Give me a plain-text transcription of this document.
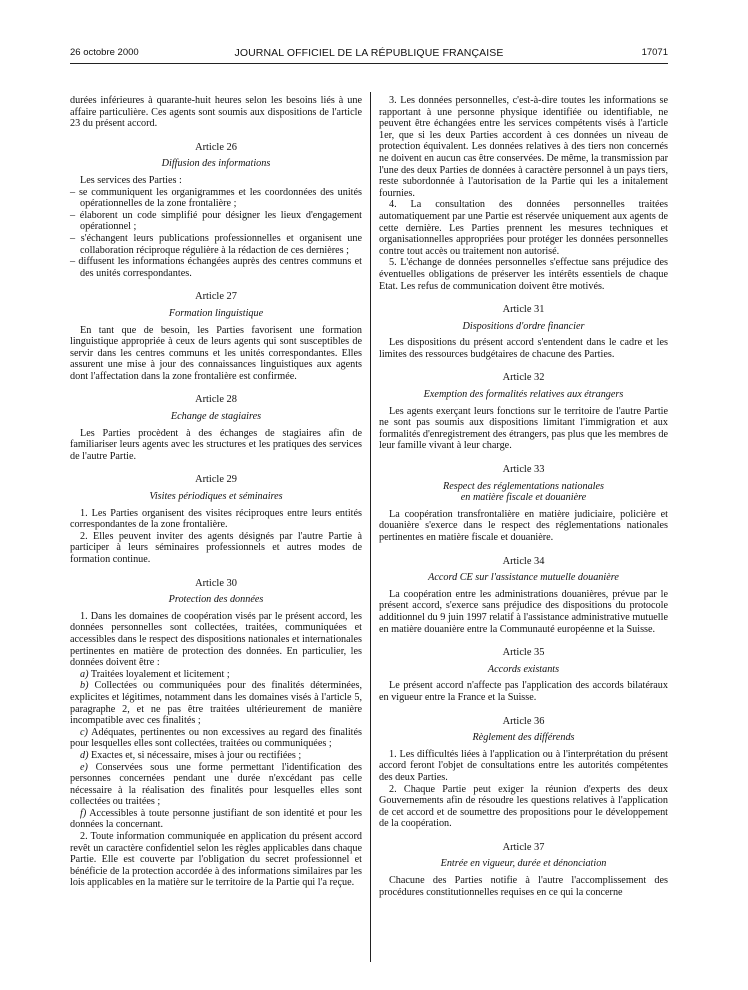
26 octobre 2000	JOURNAL OFFICIEL DE LA RÉPUBLIQUE FRANÇAISE	17071

durées inférieures à quarante-huit heures selon les besoins liés à une affaire particulière. Ces agents sont soumis aux dispositions de l'article 23 du présent accord.

Article 26
Diffusion des informations

Les services des Parties :

– se communiquent les organigrammes et les coordonnées des unités opérationnelles de la zone frontalière ;

– élaborent un code simplifié pour désigner les lieux d'engagement opérationnel ;

– s'échangent leurs publications professionnelles et organisent une collaboration réciproque régulière à la rédaction de ces dernières ;

– diffusent les informations échangées auprès des centres communs et des unités correspondantes.

Article 27
Formation linguistique

En tant que de besoin, les Parties favorisent une formation linguistique appropriée à ceux de leurs agents qui sont susceptibles de servir dans les centres communs et les unités correspondantes. Elles assurent une mise à jour des connaissances linguistiques aux agents dont l'affectation dans la zone frontalière est confirmée.

Article 28
Echange de stagiaires

Les Parties procèdent à des échanges de stagiaires afin de familiariser leurs agents avec les structures et les pratiques des services de l'autre Partie.

Article 29
Visites périodiques et séminaires

1. Les Parties organisent des visites réciproques entre leurs entités correspondantes de la zone frontalière.

2. Elles peuvent inviter des agents désignés par l'autre Partie à participer à leurs séminaires professionnels et autres modes de formation continue.

Article 30
Protection des données

1. Dans les domaines de coopération visés par le présent accord, les données personnelles sont collectées, traitées, communiquées et accessibles dans le respect des dispositions nationales et internationales pertinentes en matière de protection des données. En particulier, les données doivent être :

a) Traitées loyalement et licitement ;

b) Collectées ou communiquées pour des finalités déterminées, explicites et légitimes, notamment dans les domaines visés à l'article 5, paragraphe 2, et ne pas être traitées ultérieurement de manière incompatible avec ces finalités ;

c) Adéquates, pertinentes ou non excessives au regard des finalités pour lesquelles elles sont collectées, traitées ou communiquées ;

d) Exactes et, si nécessaire, mises à jour ou rectifiées ;

e) Conservées sous une forme permettant l'identification des personnes concernées pendant une durée n'excédant pas celle nécessaire à la réalisation des finalités pour lesquelles elles sont collectées ou traitées ;

f) Accessibles à toute personne justifiant de son identité et pour les données la concernant.

2. Toute information communiquée en application du présent accord revêt un caractère confidentiel selon les règles applicables dans chaque Partie. Elle est couverte par l'obligation du secret professionnel et bénéficie de la protection accordée à des informations similaires par les lois applicables en la matière sur le territoire de la Partie qui l'a reçue.

3. Les données personnelles, c'est-à-dire toutes les informations se rapportant à une personne physique identifiée ou identifiable, ne peuvent être échangées entre les services compétents visés à l'article 1er, que si les deux Parties accordent à ces données un niveau de protection équivalent. Les données relatives à des tiers non concernés ne doivent en aucun cas être conservées. De même, la transmission par l'une des deux Parties de données à caractère personnel à un pays tiers, reste subordonnée à l'autorisation de la Partie qui les a initalement fournies.

4. La consultation des données personnelles traitées automatiquement par une Partie est réservée uniquement aux agents de cette dernière. Les Parties prennent les mesures techniques et organisationnelles appropriées pour protéger les données personnelles contre tout accès ou traitement non autorisé.

5. L'échange de données personnelles s'effectue sans préjudice des éventuelles obligations de préserver les intérêts essentiels de chaque Etat. Les refus de communication doivent être motivés.

Article 31
Dispositions d'ordre financier

Les dispositions du présent accord s'entendent dans le cadre et les limites des ressources budgétaires de chacune des Parties.

Article 32
Exemption des formalités relatives aux étrangers

Les agents exerçant leurs fonctions sur le territoire de l'autre Partie ne sont pas soumis aux dispositions limitant l'immigration et aux formalités d'enregistrement des étrangers, pas plus que les membres de leur famille vivant à leur charge.

Article 33
Respect des réglementations nationales
en matière fiscale et douanière

La coopération transfrontalière en matière judiciaire, policière et douanière s'exerce dans le respect des réglementations nationales pertinentes en matière fiscale et douanière.

Article 34
Accord CE sur l'assistance mutuelle douanière

La coopération entre les administrations douanières, prévue par le présent accord, s'exerce sans préjudice des dispositions du protocole additionnel du 9 juin 1997 relatif à l'assistance administrative mutuelle en matière douanière entre la Communauté européenne et la Suisse.

Article 35
Accords existants

Le présent accord n'affecte pas l'application des accords bilatéraux en vigueur entre la France et la Suisse.

Article 36
Règlement des différends

1. Les difficultés liées à l'application ou à l'interprétation du présent accord feront l'objet de consultations entre les autorités compétentes des deux Parties.

2. Chaque Partie peut exiger la réunion d'experts des deux Gouvernements afin de résoudre les questions relatives à l'application de cet accord et de soumettre des propositions pour le développement de la coopération.

Article 37
Entrée en vigueur, durée et dénonciation

Chacune des Parties notifie à l'autre l'accomplissement des procédures constitutionnelles requises en ce qui la concerne
